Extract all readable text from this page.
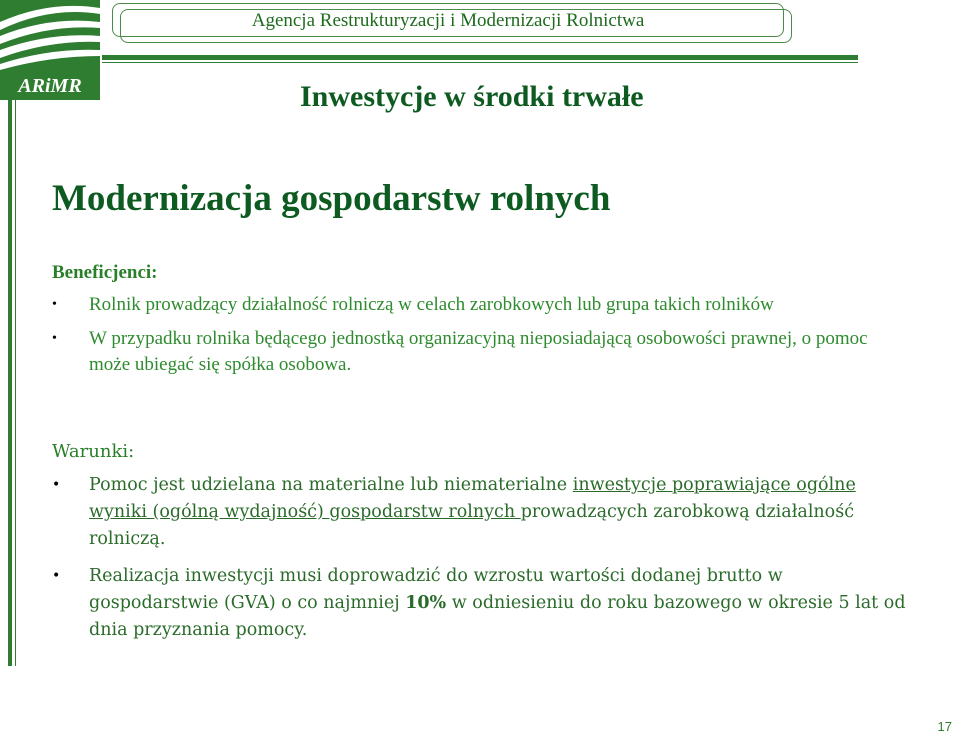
ARiMR
Agencja Restrukturyzacji i Modernizacji Rolnictwa
Inwestycje w środki trwałe
Modernizacja gospodarstw rolnych

Beneficjenci:

• Rolnik prowadzący działalność rolniczą w celach zarobkowych lub grupa takich rolników
• W przypadku rolnika będącego jednostką organizacyjną nieposiadającą osobowości prawnej, o pomoc może ubiegać się spółka osobowa.

Warunki:

• Pomoc jest udzielana na materialne lub niematerialne inwestycje poprawiające ogólne wyniki (ogólną wydajność) gospodarstw rolnych prowadzących zarobkową działalność rolniczą.
• Realizacja inwestycji musi doprowadzić do wzrostu wartości dodanej brutto w gospodarstwie (GVA) o co najmniej 10% w odniesieniu do roku bazowego w okresie 5 lat od dnia przyznania pomocy.
17
